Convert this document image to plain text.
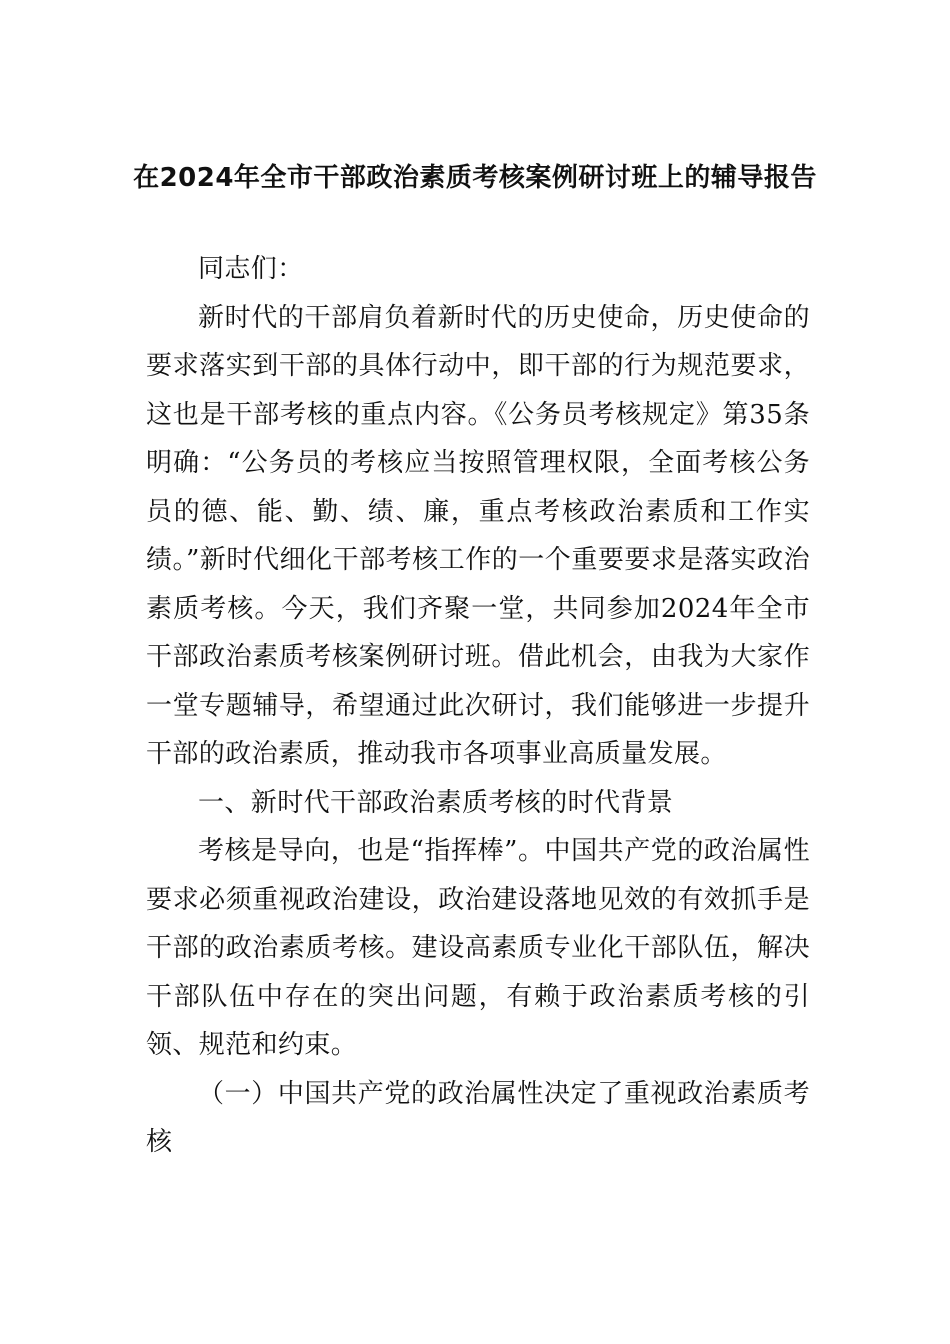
在2024年全市干部政治素质考核案例研讨班上的辅导报告

同志们：

新时代的干部肩负着新时代的历史使命，历史使命的要求落实到干部的具体行动中，即干部的行为规范要求，这也是干部考核的重点内容。《公务员考核规定》第35条明确：“公务员的考核应当按照管理权限，全面考核公务员的德、能、勤、绩、廉，重点考核政治素质和工作实绩。”新时代细化干部考核工作的一个重要要求是落实政治素质考核。今天，我们齐聚一堂，共同参加2024年全市干部政治素质考核案例研讨班。借此机会，由我为大家作一堂专题辅导，希望通过此次研讨，我们能够进一步提升干部的政治素质，推动我市各项事业高质量发展。

一、新时代干部政治素质考核的时代背景

考核是导向，也是“指挥棒”。中国共产党的政治属性要求必须重视政治建设，政治建设落地见效的有效抓手是干部的政治素质考核。建设高素质专业化干部队伍，解决干部队伍中存在的突出问题，有赖于政治素质考核的引领、规范和约束。

（一）中国共产党的政治属性决定了重视政治素质考核
